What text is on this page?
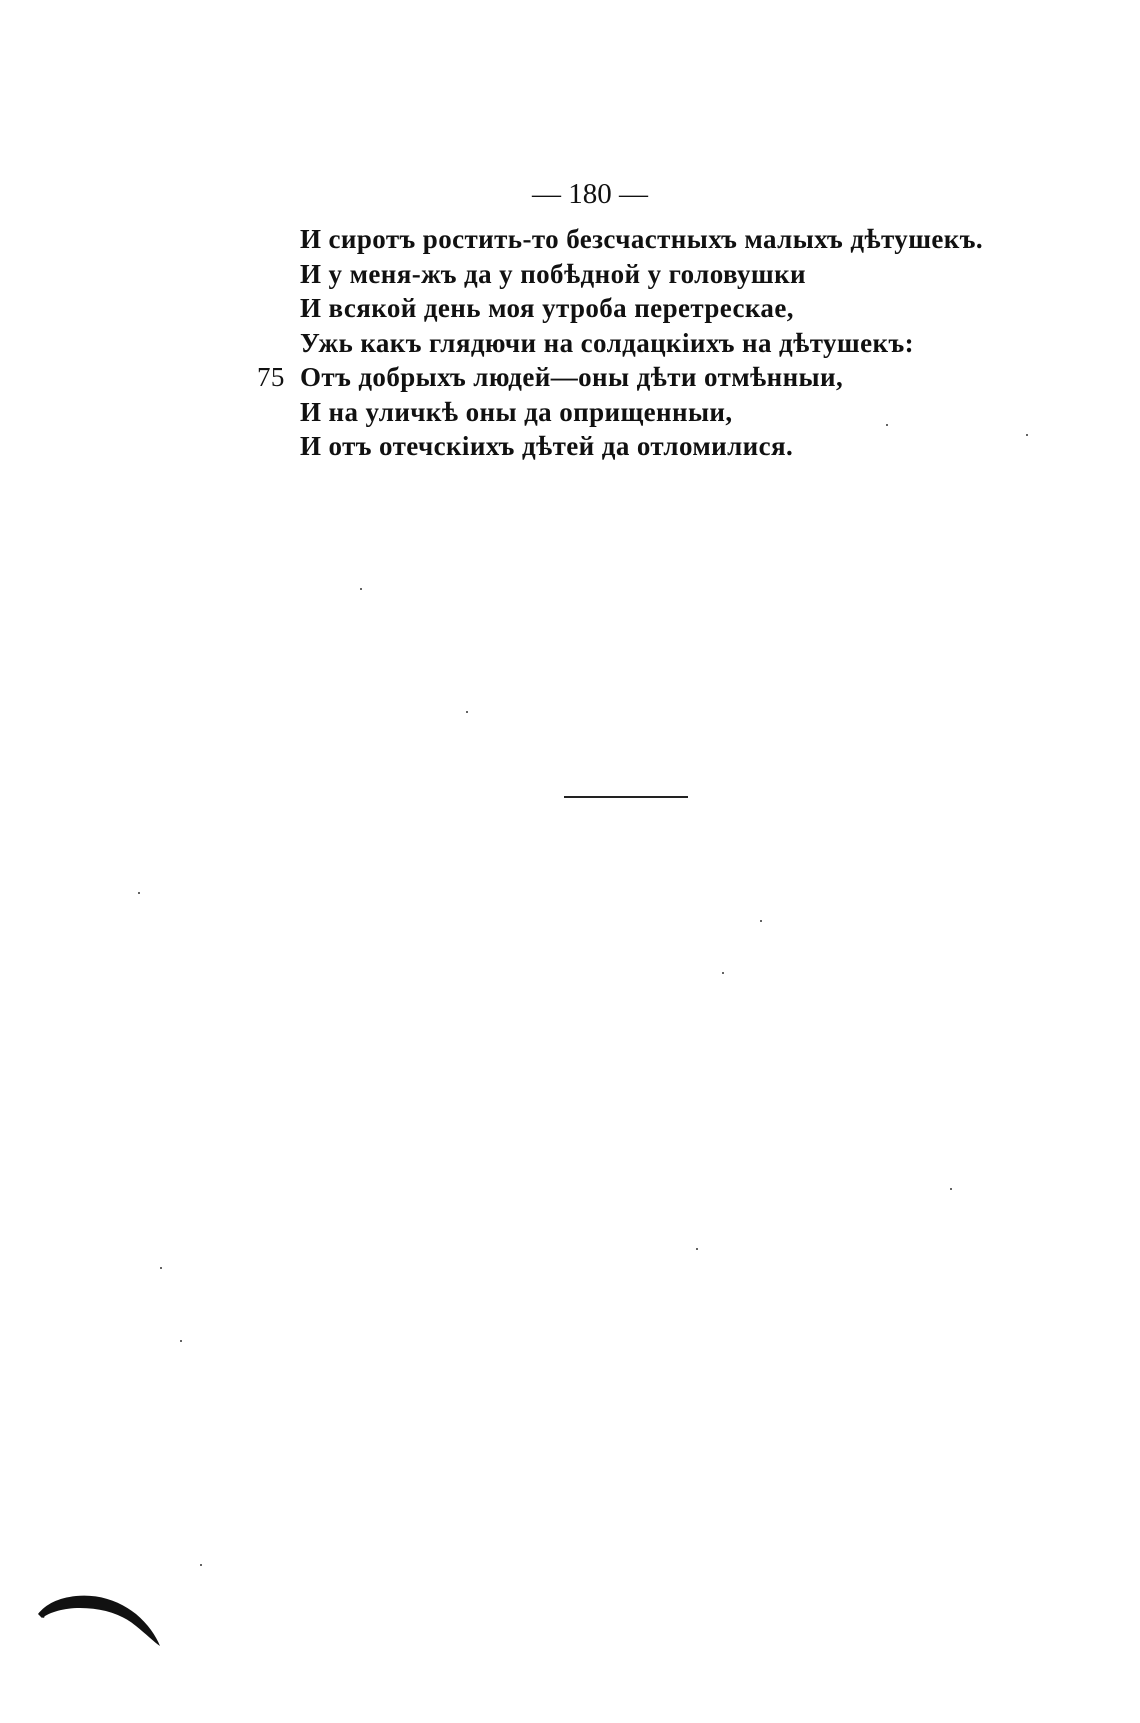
— 180 —
И сиротъ ростить-то безсчастныхъ малыхъ дѣтушекъ.
И у меня-жъ да у побѣдной у головушки
И всякой день моя утроба перетрескае,
Ужь какъ глядючи на солдацкiихъ на дѣтушекъ:
75 Отъ добрыхъ людей—оны дѣти отмѣнныи,
И на уличкѣ оны да оприщенныи,
И отъ отечскiихъ дѣтей да отломилися.
